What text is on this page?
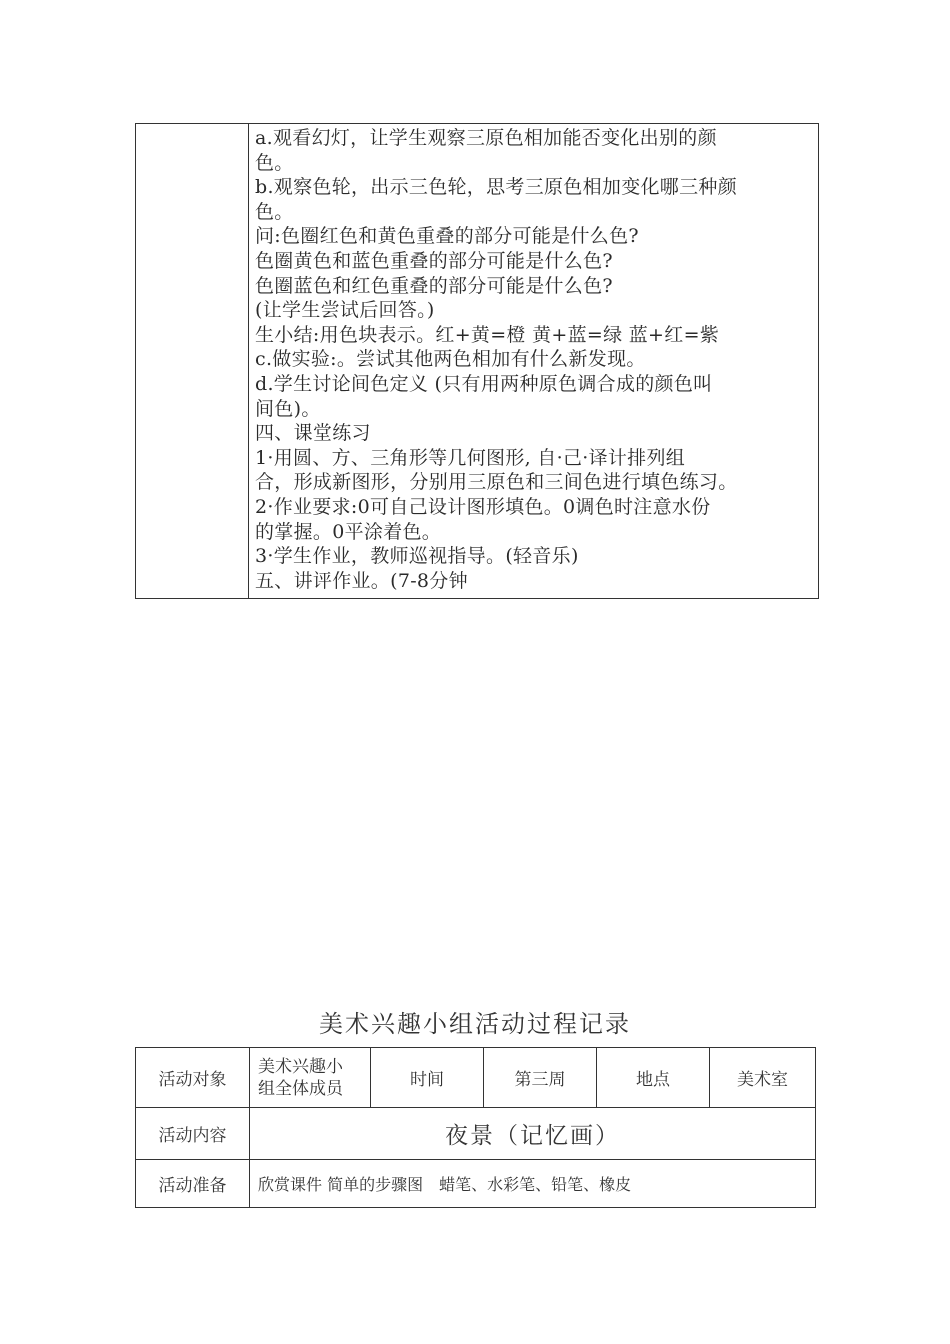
a.观看幻灯，让学生观察三原色相加能否变化出别的颜
色。
b.观察色轮，出示三色轮，思考三原色相加变化哪三种颜
色。
问:色圈红色和黄色重叠的部分可能是什么色?
色圈黄色和蓝色重叠的部分可能是什么色?
色圈蓝色和红色重叠的部分可能是什么色?
(让学生尝试后回答。)
生小结:用色块表示。红+黄=橙 黄+蓝=绿 蓝+红=紫
c.做实验:。尝试其他两色相加有什么新发现。
d.学生讨论间色定义 (只有用两种原色调合成的颜色叫
间色)。
四、课堂练习
1·用圆、方、三角形等几何图形, 自·己·译计排列组
合，形成新图形，分别用三原色和三间色进行填色练习。
2·作业要求:0可自己设计图形填色。0调色时注意水份
的掌握。0平涂着色。
3·学生作业，教师巡视指导。(轻音乐)
五、讲评作业。(7-8分钟
美术兴趣小组活动过程记录
活动对象	美术兴趣小
组全体成员	时间	第三周	地点	美术室
活动内容	夜景（记忆画）				
活动准备	欣赏课件 简单的步骤图　蜡笔、水彩笔、铅笔、橡皮				
